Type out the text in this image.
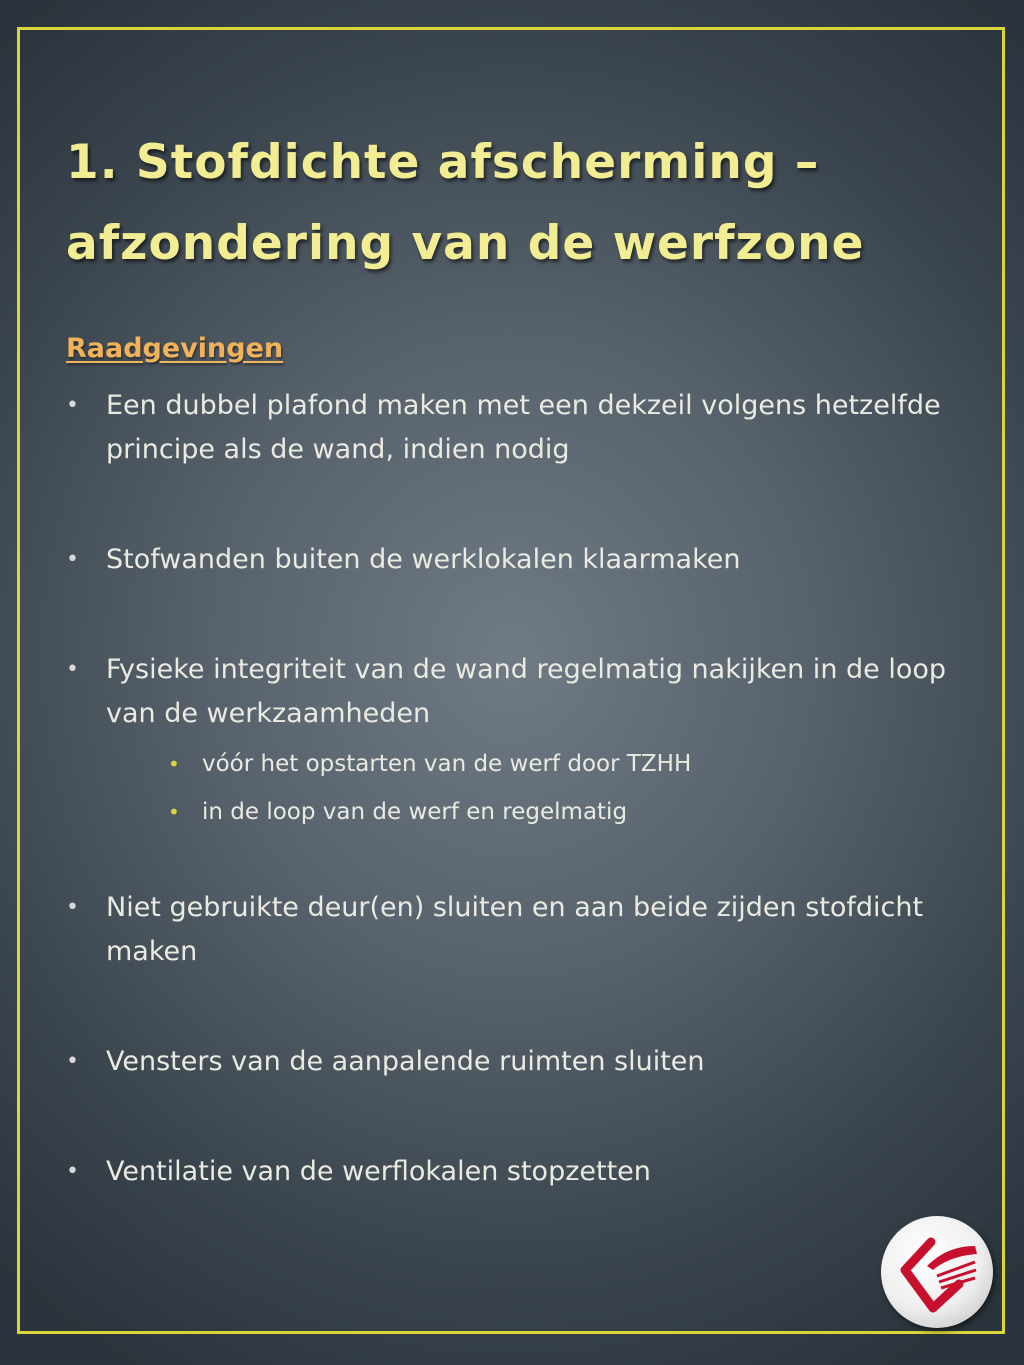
1. Stofdichte afscherming –
afzondering van de werfzone
Raadgevingen
• Een dubbel plafond maken met een dekzeil volgens hetzelfde principe als de wand, indien nodig
• Stofwanden buiten de werklokalen klaarmaken
• Fysieke integriteit van de wand regelmatig nakijken in de loop van de werkzaamheden
• vóór het opstarten van de werf door TZHH
• in de loop van de werf en regelmatig
• Niet gebruikte deur(en) sluiten en aan beide zijden stofdicht maken
• Vensters van de aanpalende ruimten sluiten
• Ventilatie van de werflokalen stopzetten
